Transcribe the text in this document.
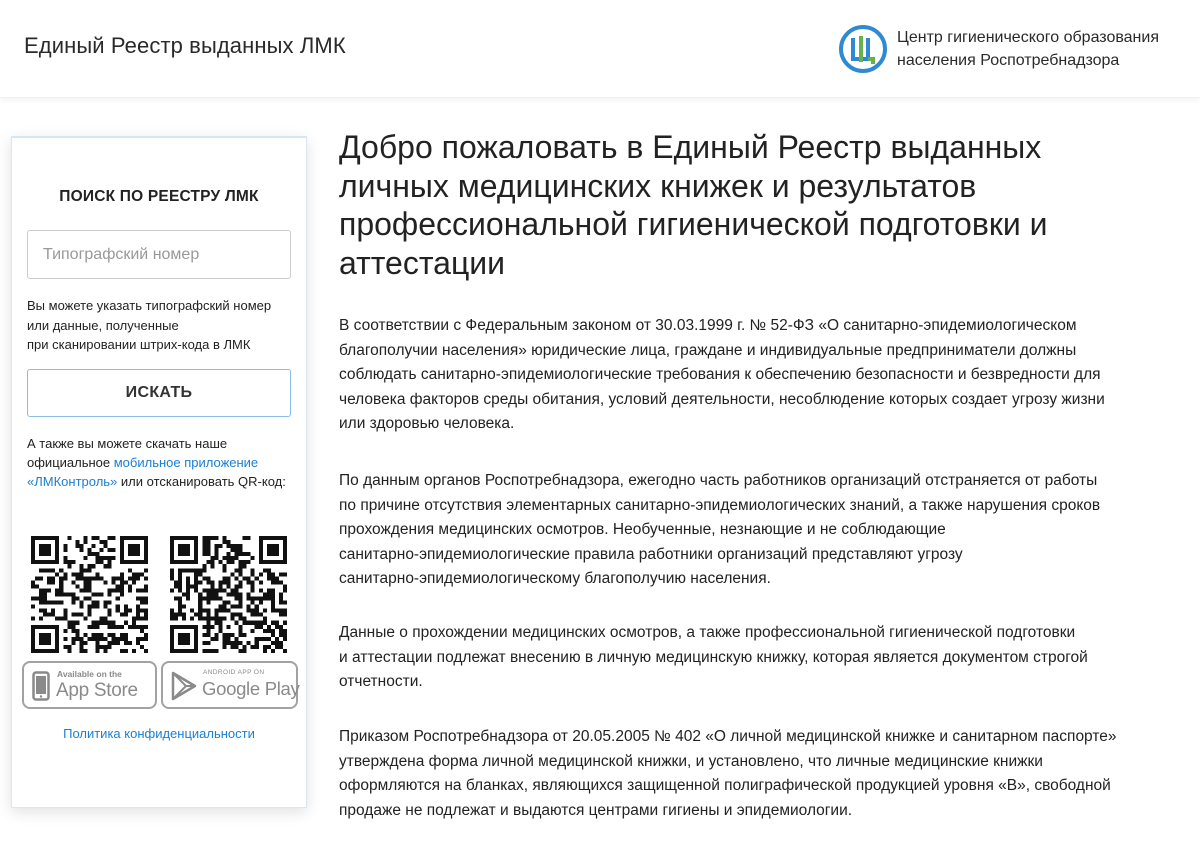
Единый Реестр выданных ЛМК	Центр гигиенического образования
населения Роспотребнадзора
ПОИСК ПО РЕЕСТРУ ЛМК
Типографский номер
Вы можете указать типографский номер
или данные, полученные
при сканировании штрих-кода в ЛМК
ИСКАТЬ
А также вы можете скачать наше официальное мобильное приложение «ЛМКонтроль» или отсканировать QR-код:
Available on the
App Store
ANDROID APP ON
Google Play
Политика конфиденциальности
Добро пожаловать в Единый Реестр выданных личных медицинских книжек и результатов профессиональной гигиенической подготовки и аттестации

В соответствии с Федеральным законом от 30.03.1999 г. № 52-ФЗ «О санитарно-эпидемиологическом
благополучии населения» юридические лица, граждане и индивидуальные предприниматели должны
соблюдать санитарно-эпидемиологические требования к обеспечению безопасности и безвредности для
человека факторов среды обитания, условий деятельности, несоблюдение которых создает угрозу жизни
или здоровью человека.

По данным органов Роспотребнадзора, ежегодно часть работников организаций отстраняется от работы
по причине отсутствия элементарных санитарно-эпидемиологических знаний, а также нарушения сроков
прохождения медицинских осмотров. Необученные, незнающие и не соблюдающие
санитарно-эпидемиологические правила работники организаций представляют угрозу
санитарно-эпидемиологическому благополучию населения.

Данные о прохождении медицинских осмотров, а также профессиональной гигиенической подготовки
и аттестации подлежат внесению в личную медицинскую книжку, которая является документом строгой
отчетности.

Приказом Роспотребнадзора от 20.05.2005 № 402 «О личной медицинской книжке и санитарном паспорте»
утверждена форма личной медицинской книжки, и установлено, что личные медицинские книжки
оформляются на бланках, являющихся защищенной полиграфической продукцией уровня «В», свободной
продаже не подлежат и выдаются центрами гигиены и эпидемиологии.
